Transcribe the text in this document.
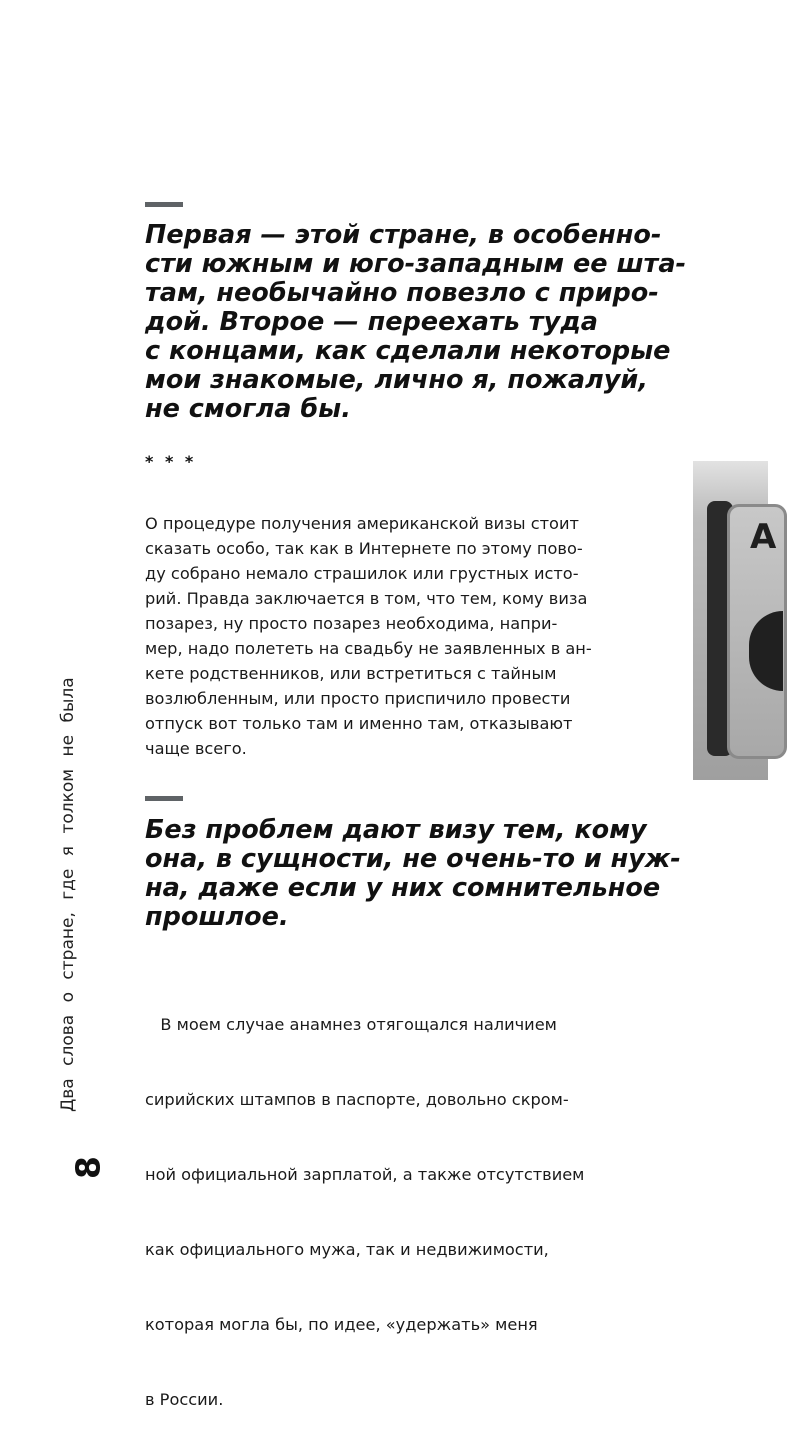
Первая — этой стране, в особенно-
сти южным и юго-западным ее шта-
там, необычайно повезло с приро-
дой. Второе — переехать туда
с концами, как сделали некоторые
мои знакомые, лично я, пожалуй,
не смогла бы.
* * *
О процедуре получения американской визы стоит
сказать особо, так как в Интернете по этому пово-
ду собрано немало страшилок или грустных исто-
рий. Правда заключается в том, что тем, кому виза
позарез, ну просто позарез необходима, напри-
мер, надо полететь на свадьбу не заявленных в ан-
кете родственников, или встретиться с тайным
возлюбленным, или просто приспичило провести
отпуск вот только там и именно там, отказывают
чаще всего.
Без проблем дают визу тем, кому
она, в сущности, не очень-то и нуж-
на, даже если у них сомнительное
прошлое.

В моем случае анамнез отягощался наличием

сирийских штампов в паспорте, довольно скром-

ной официальной зарплатой, а также отсутствием

как официального мужа, так и недвижимости,

которая могла бы, по идее, «удержать» меня

в России.

Два слова о стране, где я толком не была
8
A
